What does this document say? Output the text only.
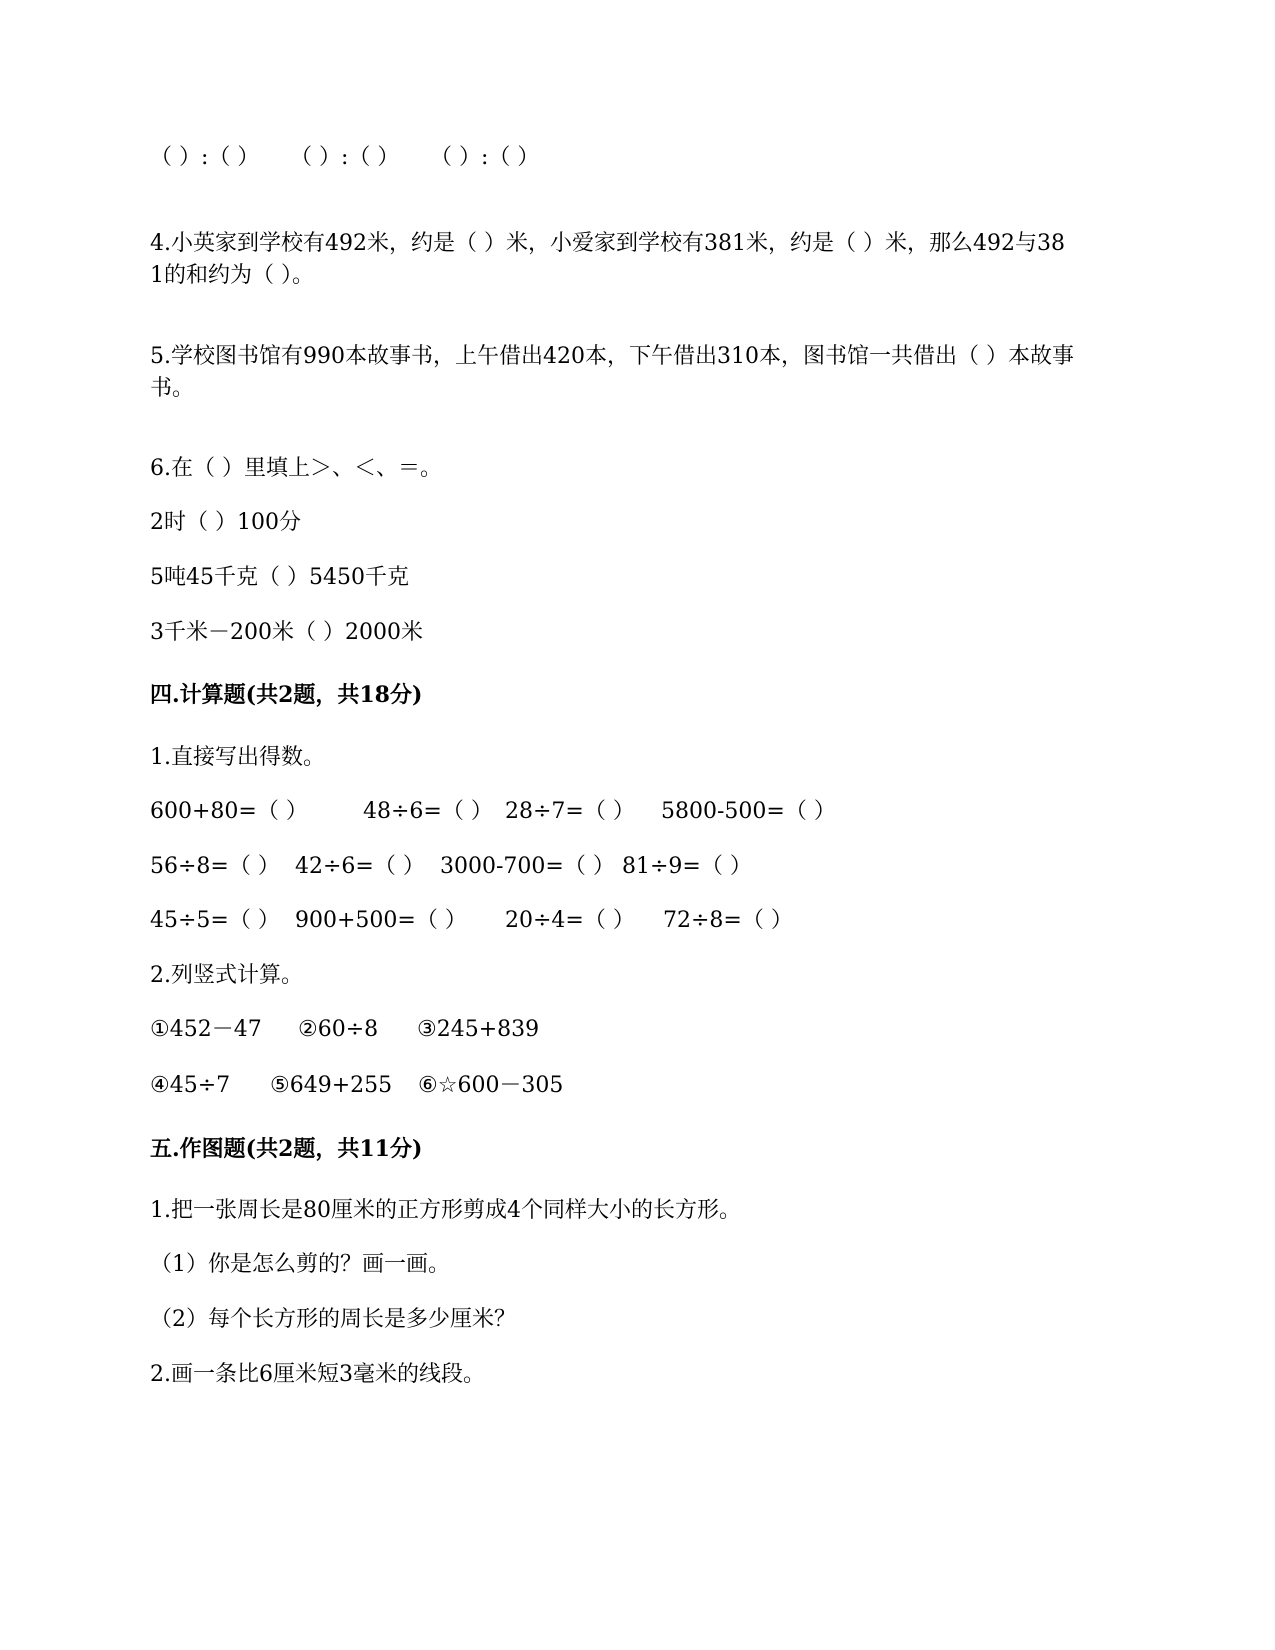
（ ）:（ ） （ ）:（ ） （ ）:（ ）
4.小英家到学校有492米，约是（ ）米，小爱家到学校有381米，约是（ ）米，那么492与381的和约为（ ）。
5.学校图书馆有990本故事书，上午借出420本，下午借出310本，图书馆一共借出（ ）本故事书。
6.在（ ）里填上＞、＜、＝。
2时（ ）100分
5吨45千克（ ）5450千克
3千米－200米（ ）2000米
四.计算题(共2题，共18分)
1.直接写出得数。
600+80=（ ）	48÷6=（ ） 28÷7=（ ） 5800-500=（ ）
56÷8=（ ） 42÷6=（ ） 3000-700=（ ） 81÷9=（ ）
45÷5=（ ） 900+500=（ ） 20÷4=（ ） 72÷8=（ ）
2.列竖式计算。
①452－47 ②60÷8 ③245+839
④45÷7 ⑤649+255 ⑥☆600－305
五.作图题(共2题，共11分)
1.把一张周长是80厘米的正方形剪成4个同样大小的长方形。
（1）你是怎么剪的？画一画。
（2）每个长方形的周长是多少厘米？
2.画一条比6厘米短3毫米的线段。
